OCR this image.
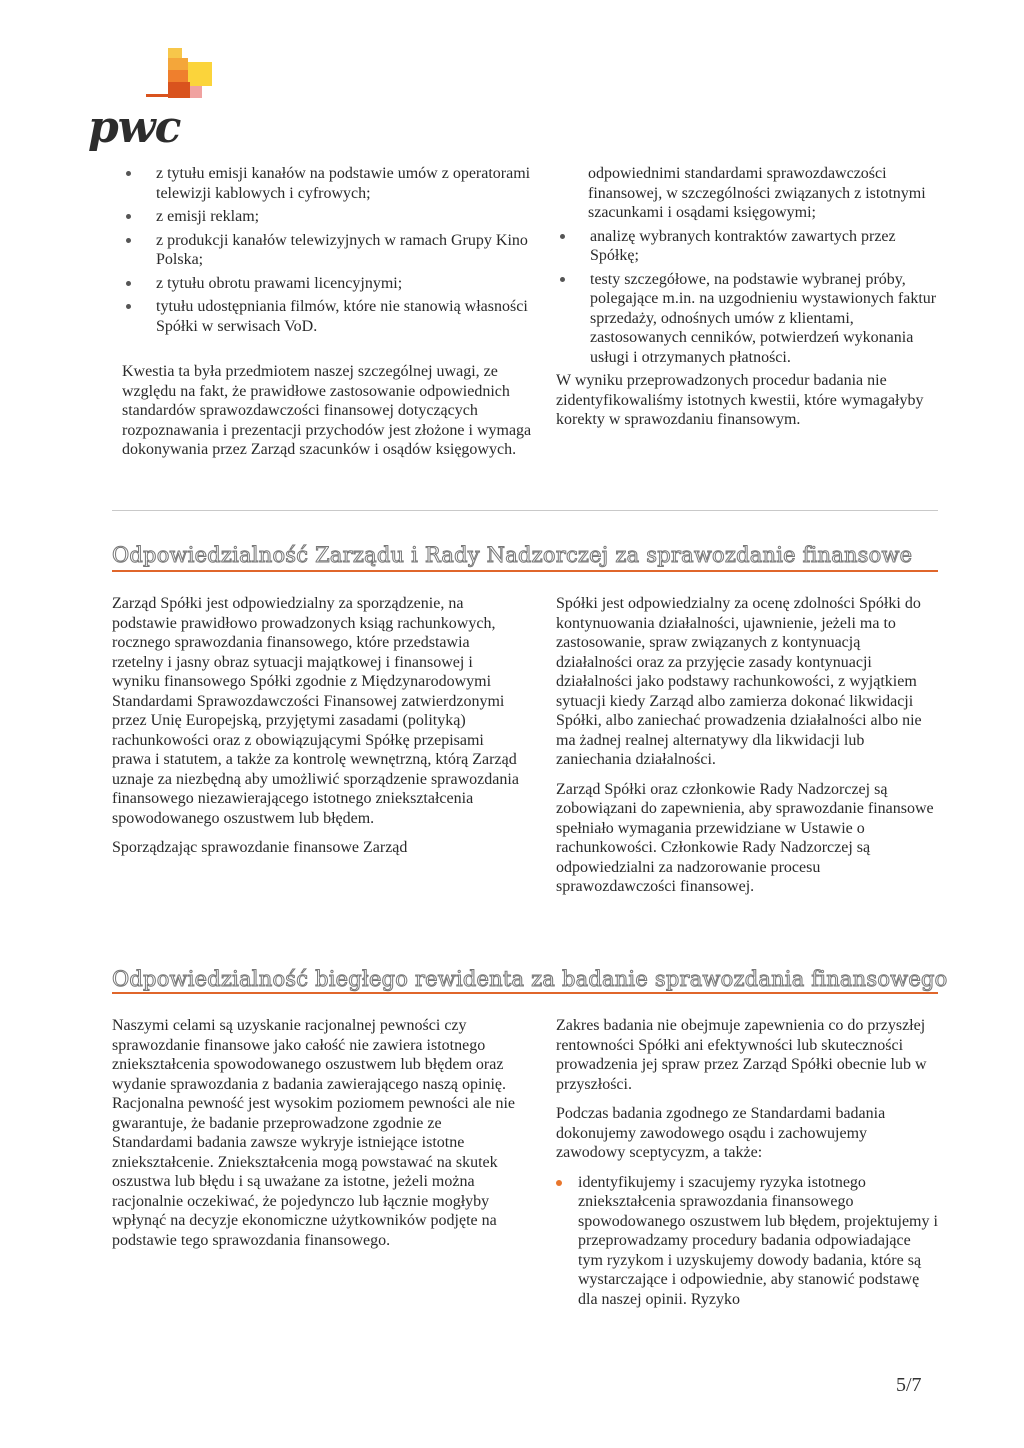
pwc
z tytułu emisji kanałów na podstawie umów z operatorami telewizji kablowych i cyfrowych;
z emisji reklam;
z produkcji kanałów telewizyjnych w ramach Grupy Kino Polska;
z tytułu obrotu prawami licencyjnymi;
tytułu udostępniania filmów, które nie stanowią własności Spółki w serwisach VoD.

Kwestia ta była przedmiotem naszej szczególnej uwagi, ze względu na fakt, że prawidłowe zastosowanie odpowiednich standardów sprawozdawczości finansowej dotyczących rozpoznawania i prezentacji przychodów jest złożone i wymaga dokonywania przez Zarząd szacunków i osądów księgowych.

odpowiednimi standardami sprawozdawczości finansowej, w szczególności związanych z istotnymi szacunkami i osądami księgowymi;

analizę wybranych kontraktów zawartych przez Spółkę;
testy szczegółowe, na podstawie wybranej próby, polegające m.in. na uzgodnieniu wystawionych faktur sprzedaży, odnośnych umów z klientami, zastosowanych cenników, potwierdzeń wykonania usługi i otrzymanych płatności.

W wyniku przeprowadzonych procedur badania nie zidentyfikowaliśmy istotnych kwestii, które wymagałyby korekty w sprawozdaniu finansowym.

Odpowiedzialność Zarządu i Rady Nadzorczej za sprawozdanie finansowe

Zarząd Spółki jest odpowiedzialny za sporządzenie, na podstawie prawidłowo prowadzonych ksiąg rachunkowych, rocznego sprawozdania finansowego, które przedstawia rzetelny i jasny obraz sytuacji majątkowej i finansowej i wyniku finansowego Spółki zgodnie z Międzynarodowymi Standardami Sprawozdawczości Finansowej zatwierdzonymi przez Unię Europejską, przyjętymi zasadami (polityką) rachunkowości oraz z obowiązującymi Spółkę przepisami prawa i statutem, a także za kontrolę wewnętrzną, którą Zarząd uznaje za niezbędną aby umożliwić sporządzenie sprawozdania finansowego niezawierającego istotnego zniekształcenia spowodowanego oszustwem lub błędem.

Sporządzając sprawozdanie finansowe Zarząd

Spółki jest odpowiedzialny za ocenę zdolności Spółki do kontynuowania działalności, ujawnienie, jeżeli ma to zastosowanie, spraw związanych z kontynuacją działalności oraz za przyjęcie zasady kontynuacji działalności jako podstawy rachunkowości, z wyjątkiem sytuacji kiedy Zarząd albo zamierza dokonać likwidacji Spółki, albo zaniechać prowadzenia działalności albo nie ma żadnej realnej alternatywy dla likwidacji lub zaniechania działalności.

Zarząd Spółki oraz członkowie Rady Nadzorczej są zobowiązani do zapewnienia, aby sprawozdanie finansowe spełniało wymagania przewidziane w Ustawie o rachunkowości. Członkowie Rady Nadzorczej są odpowiedzialni za nadzorowanie procesu sprawozdawczości finansowej.

Odpowiedzialność biegłego rewidenta za badanie sprawozdania finansowego

Naszymi celami są uzyskanie racjonalnej pewności czy sprawozdanie finansowe jako całość nie zawiera istotnego zniekształcenia spowodowanego oszustwem lub błędem oraz wydanie sprawozdania z badania zawierającego naszą opinię. Racjonalna pewność jest wysokim poziomem pewności ale nie gwarantuje, że badanie przeprowadzone zgodnie ze Standardami badania zawsze wykryje istniejące istotne zniekształcenie. Zniekształcenia mogą powstawać na skutek oszustwa lub błędu i są uważane za istotne, jeżeli można racjonalnie oczekiwać, że pojedynczo lub łącznie mogłyby wpłynąć na decyzje ekonomiczne użytkowników podjęte na podstawie tego sprawozdania finansowego.

Zakres badania nie obejmuje zapewnienia co do przyszłej rentowności Spółki ani efektywności lub skuteczności prowadzenia jej spraw przez Zarząd Spółki obecnie lub w przyszłości.

Podczas badania zgodnego ze Standardami badania dokonujemy zawodowego osądu i zachowujemy zawodowy sceptycyzm, a także:

identyfikujemy i szacujemy ryzyka istotnego zniekształcenia sprawozdania finansowego spowodowanego oszustwem lub błędem, projektujemy i przeprowadzamy procedury badania odpowiadające tym ryzykom i uzyskujemy dowody badania, które są wystarczające i odpowiednie, aby stanowić podstawę dla naszej opinii. Ryzyko
5/7
